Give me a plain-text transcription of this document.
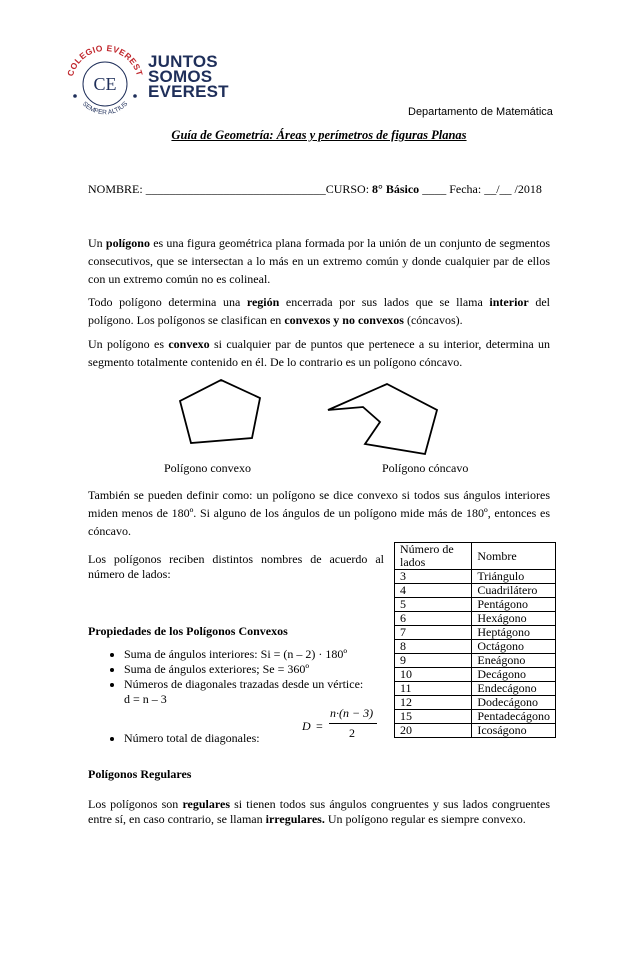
COLEGIO EVEREST
SEMPER ALTIUS
CE
JUNTOS
SOMOS
EVEREST
Departamento de Matemática
Guía de Geometría: Áreas y perímetros de figuras Planas
NOMBRE: ______________________________CURSO: 8° Básico ____ Fecha: __/__ /2018

Un polígono es una figura geométrica plana formada por la unión de un conjunto de segmentos consecutivos, que se intersectan a lo más en un extremo común y donde cualquier par de ellos con un extremo común no es colineal.

Todo polígono determina una región encerrada por sus lados que se llama interior del polígono. Los polígonos se clasifican en convexos y no convexos (cóncavos).

Un polígono es convexo si cualquier par de puntos que pertenece a su interior, determina un segmento totalmente contenido en él. De lo contrario es un polígono cóncavo.

Polígono convexo	Polígono cóncavo

También se pueden definir como: un polígono se dice convexo si todos sus ángulos interiores miden menos de 180º. Si alguno de los ángulos de un polígono mide más de 180º, entonces es cóncavo.

Los polígonos reciben distintos nombres de acuerdo al número de lados:

Número de lados	Nombre
3	Triángulo
4	Cuadrilátero
5	Pentágono
6	Hexágono
7	Heptágono
8	Octágono
9	Eneágono
10	Decágono
11	Endecágono
12	Dodecágono
15	Pentadecágono
20	Icoságono
Propiedades de los Polígonos Convexos
• Suma de ángulos interiores: Si = (n – 2) · 180º
• Suma de ángulos exteriores; Se = 360º
• Números de diagonales trazadas desde un vértice:
d = n – 3
D =
n·(n − 3)
2
• Número total de diagonales:
Polígonos Regulares

Los polígonos son regulares si tienen todos sus ángulos congruentes y sus lados congruentes entre sí, en caso contrario, se llaman irregulares. Un polígono regular es siempre convexo.
